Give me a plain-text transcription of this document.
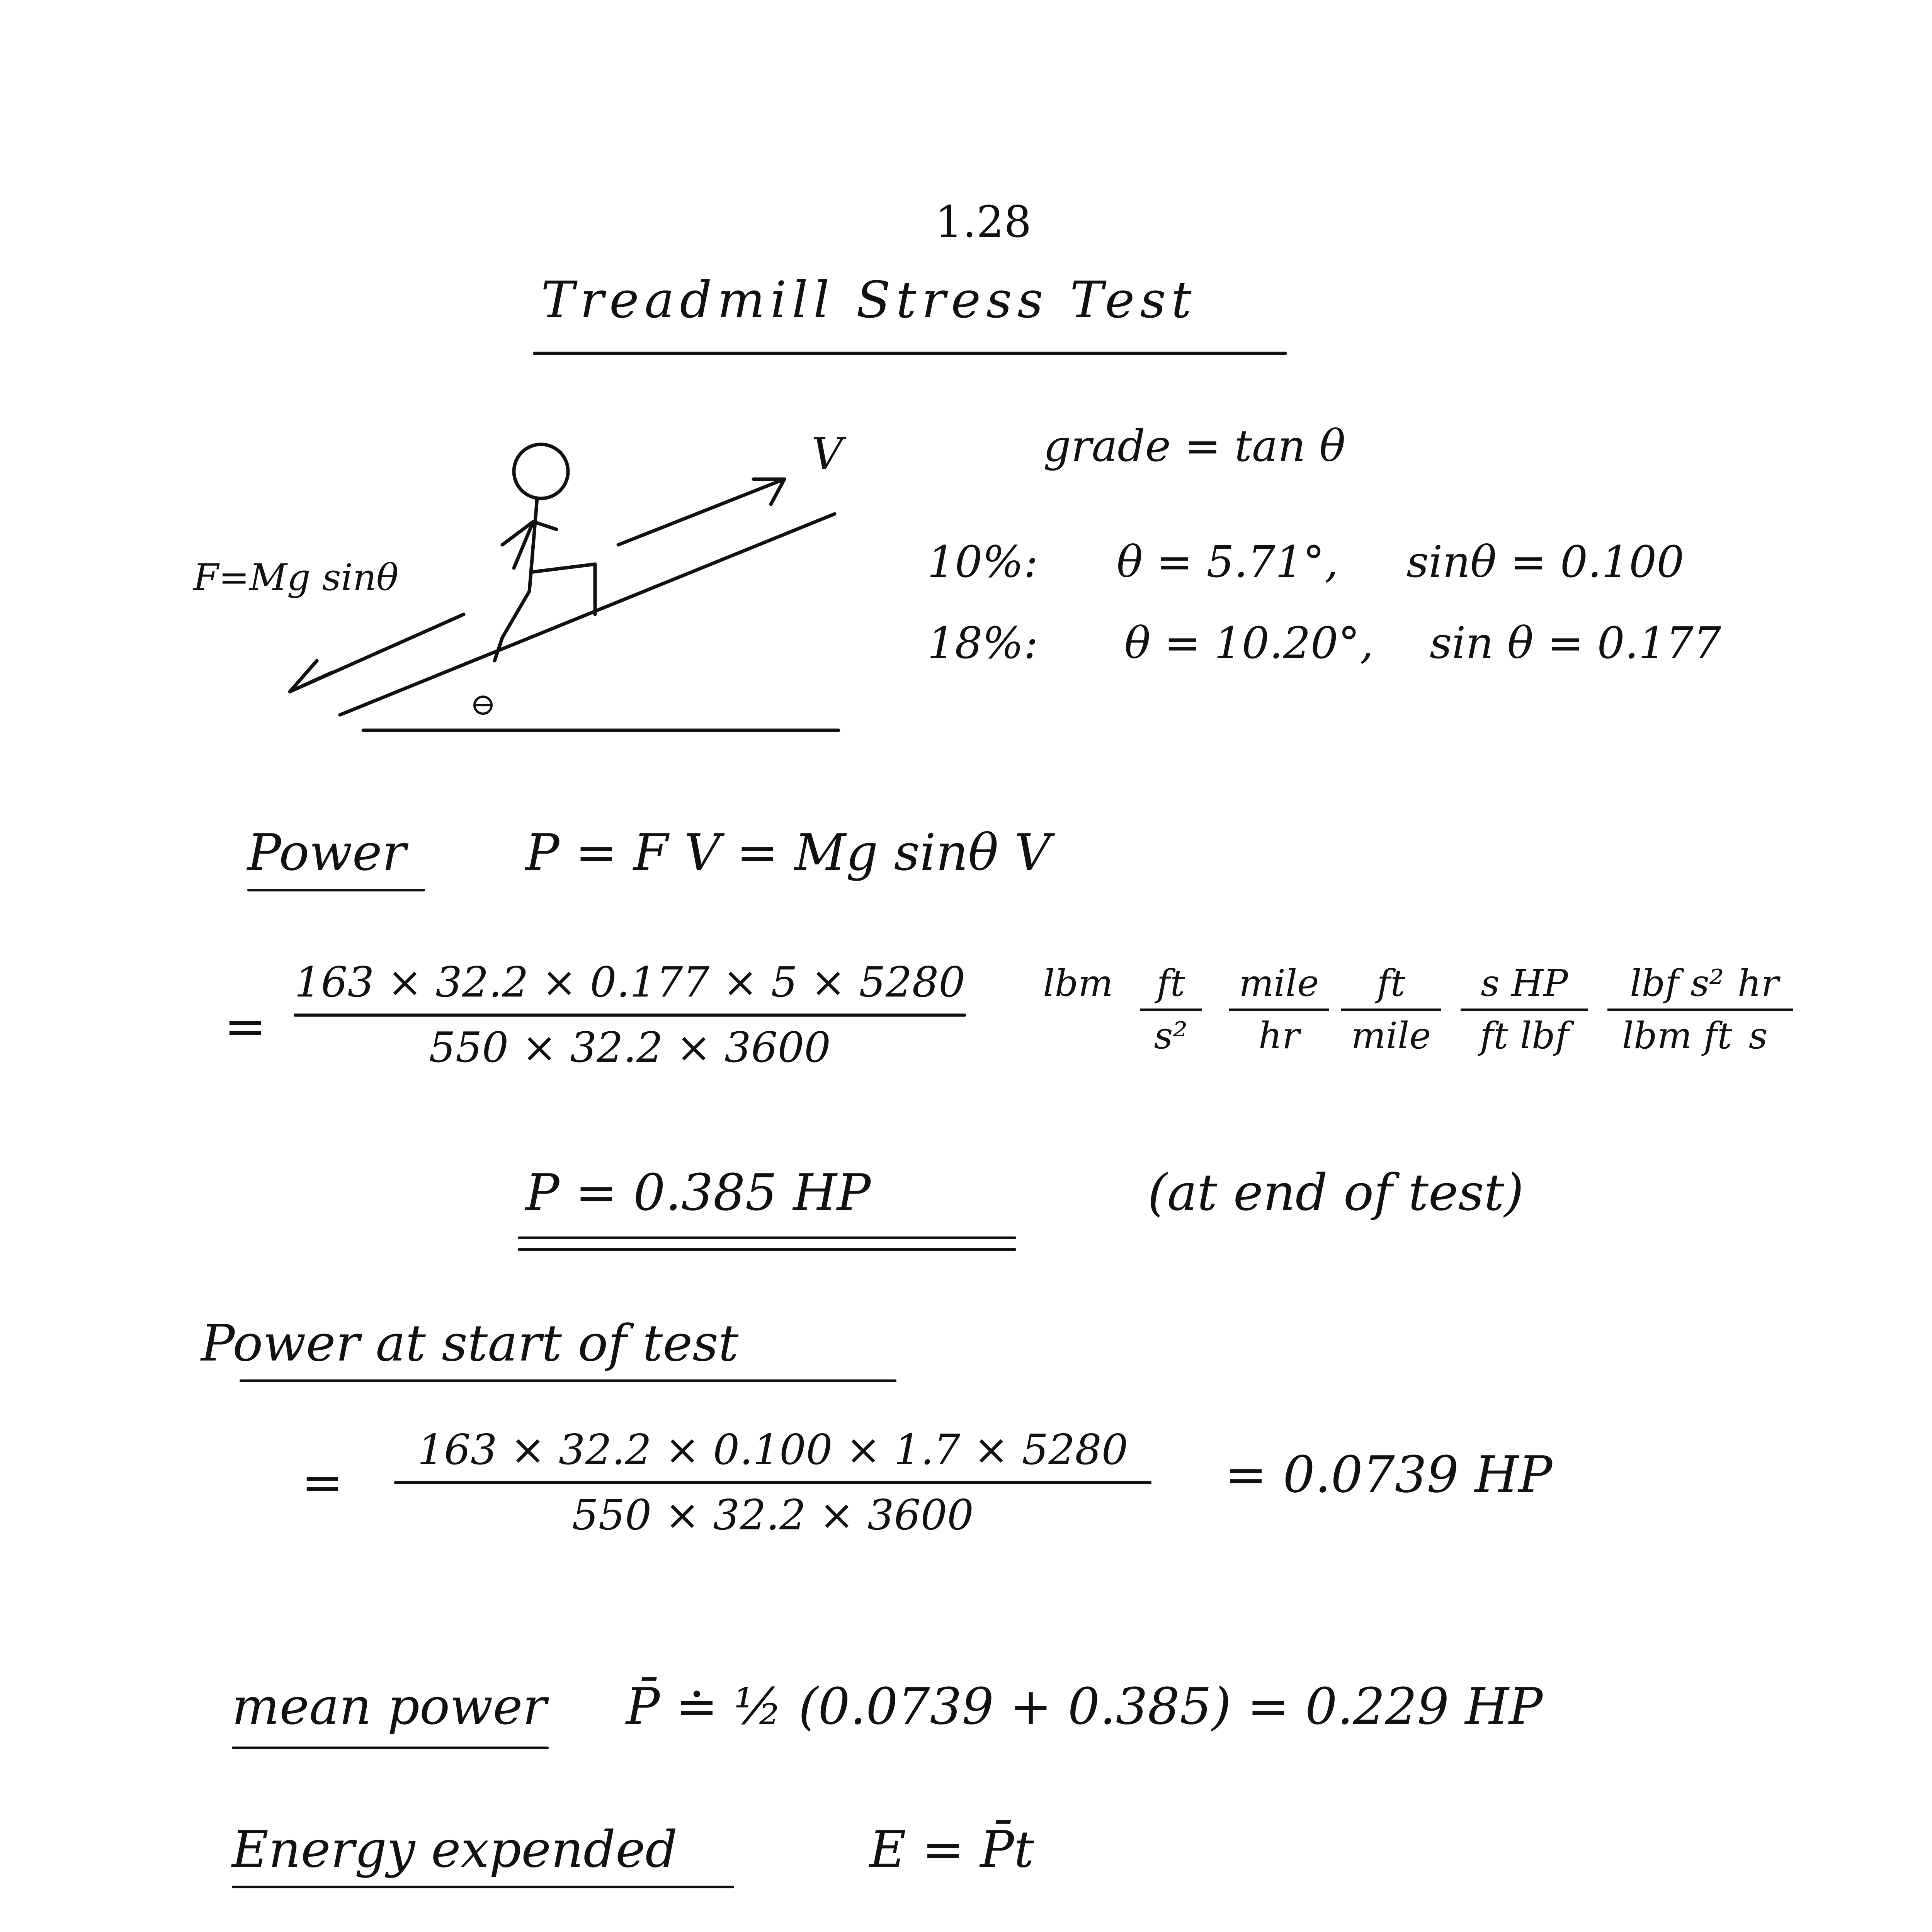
1.28
Treadmill Stress Test
V
F=Mg sinθ
grade = tan θ
10%: θ = 5.71°, sinθ = 0.100
18%: θ = 10.20°, sin θ = 0.177
Power P = F V = Mg sinθ V
=
163 × 32.2 × 0.177 × 5 × 5280
550 × 32.2 × 3600
lbm	ft
s²
mile
hr
ft
mile
s HP
ft lbf
lbf s²
lbm ft
hr
s
P = 0.385 HP	(at end of test)
Power at start of test
=
163 × 32.2 × 0.100 × 1.7 × 5280
550 × 32.2 × 3600
= 0.0739 HP
mean power P̄ ≐ ½ (0.0739 + 0.385) = 0.229 HP
Energy expended	E = P̄t
